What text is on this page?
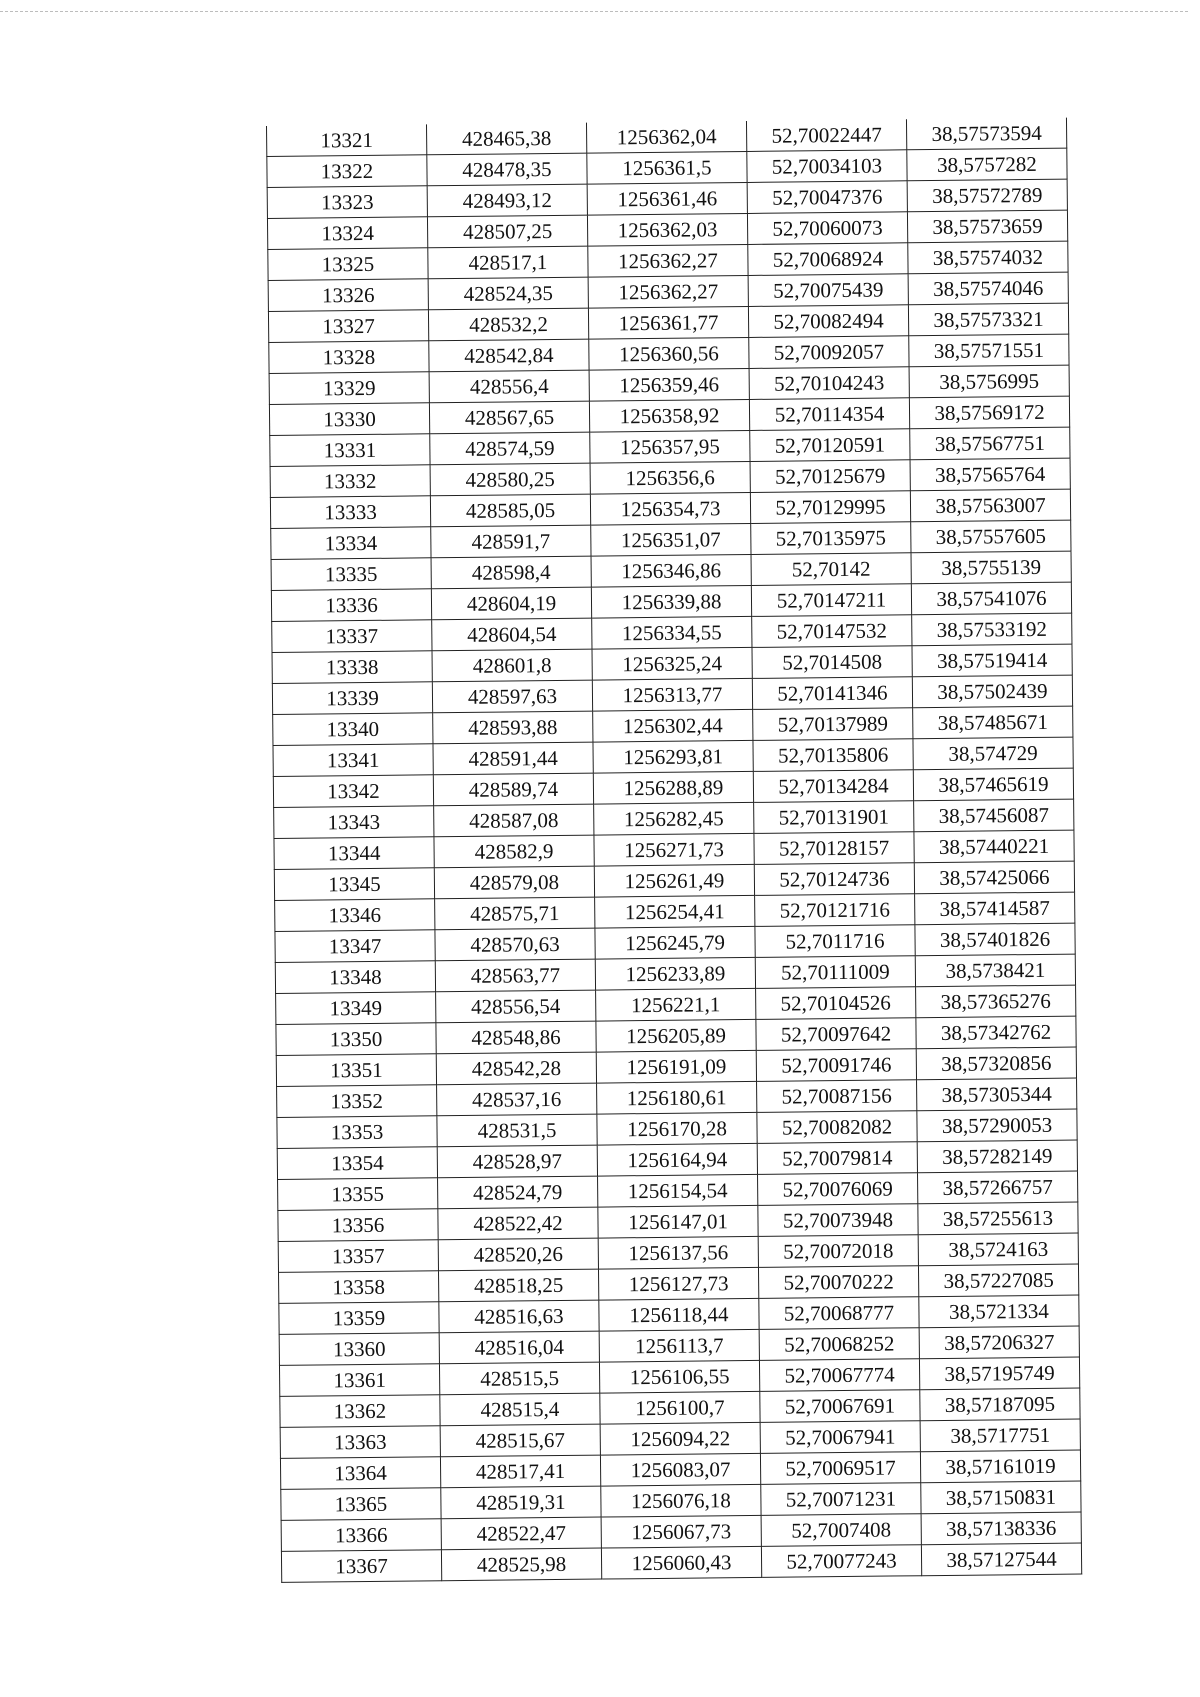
13321	428465,38	1256362,04	52,70022447	38,57573594
13322	428478,35	1256361,5	52,70034103	38,5757282
13323	428493,12	1256361,46	52,70047376	38,57572789
13324	428507,25	1256362,03	52,70060073	38,57573659
13325	428517,1	1256362,27	52,70068924	38,57574032
13326	428524,35	1256362,27	52,70075439	38,57574046
13327	428532,2	1256361,77	52,70082494	38,57573321
13328	428542,84	1256360,56	52,70092057	38,57571551
13329	428556,4	1256359,46	52,70104243	38,5756995
13330	428567,65	1256358,92	52,70114354	38,57569172
13331	428574,59	1256357,95	52,70120591	38,57567751
13332	428580,25	1256356,6	52,70125679	38,57565764
13333	428585,05	1256354,73	52,70129995	38,57563007
13334	428591,7	1256351,07	52,70135975	38,57557605
13335	428598,4	1256346,86	52,70142	38,5755139
13336	428604,19	1256339,88	52,70147211	38,57541076
13337	428604,54	1256334,55	52,70147532	38,57533192
13338	428601,8	1256325,24	52,7014508	38,57519414
13339	428597,63	1256313,77	52,70141346	38,57502439
13340	428593,88	1256302,44	52,70137989	38,57485671
13341	428591,44	1256293,81	52,70135806	38,574729
13342	428589,74	1256288,89	52,70134284	38,57465619
13343	428587,08	1256282,45	52,70131901	38,57456087
13344	428582,9	1256271,73	52,70128157	38,57440221
13345	428579,08	1256261,49	52,70124736	38,57425066
13346	428575,71	1256254,41	52,70121716	38,57414587
13347	428570,63	1256245,79	52,7011716	38,57401826
13348	428563,77	1256233,89	52,70111009	38,5738421
13349	428556,54	1256221,1	52,70104526	38,57365276
13350	428548,86	1256205,89	52,70097642	38,57342762
13351	428542,28	1256191,09	52,70091746	38,57320856
13352	428537,16	1256180,61	52,70087156	38,57305344
13353	428531,5	1256170,28	52,70082082	38,57290053
13354	428528,97	1256164,94	52,70079814	38,57282149
13355	428524,79	1256154,54	52,70076069	38,57266757
13356	428522,42	1256147,01	52,70073948	38,57255613
13357	428520,26	1256137,56	52,70072018	38,5724163
13358	428518,25	1256127,73	52,70070222	38,57227085
13359	428516,63	1256118,44	52,70068777	38,5721334
13360	428516,04	1256113,7	52,70068252	38,57206327
13361	428515,5	1256106,55	52,70067774	38,57195749
13362	428515,4	1256100,7	52,70067691	38,57187095
13363	428515,67	1256094,22	52,70067941	38,5717751
13364	428517,41	1256083,07	52,70069517	38,57161019
13365	428519,31	1256076,18	52,70071231	38,57150831
13366	428522,47	1256067,73	52,7007408	38,57138336
13367	428525,98	1256060,43	52,70077243	38,57127544
